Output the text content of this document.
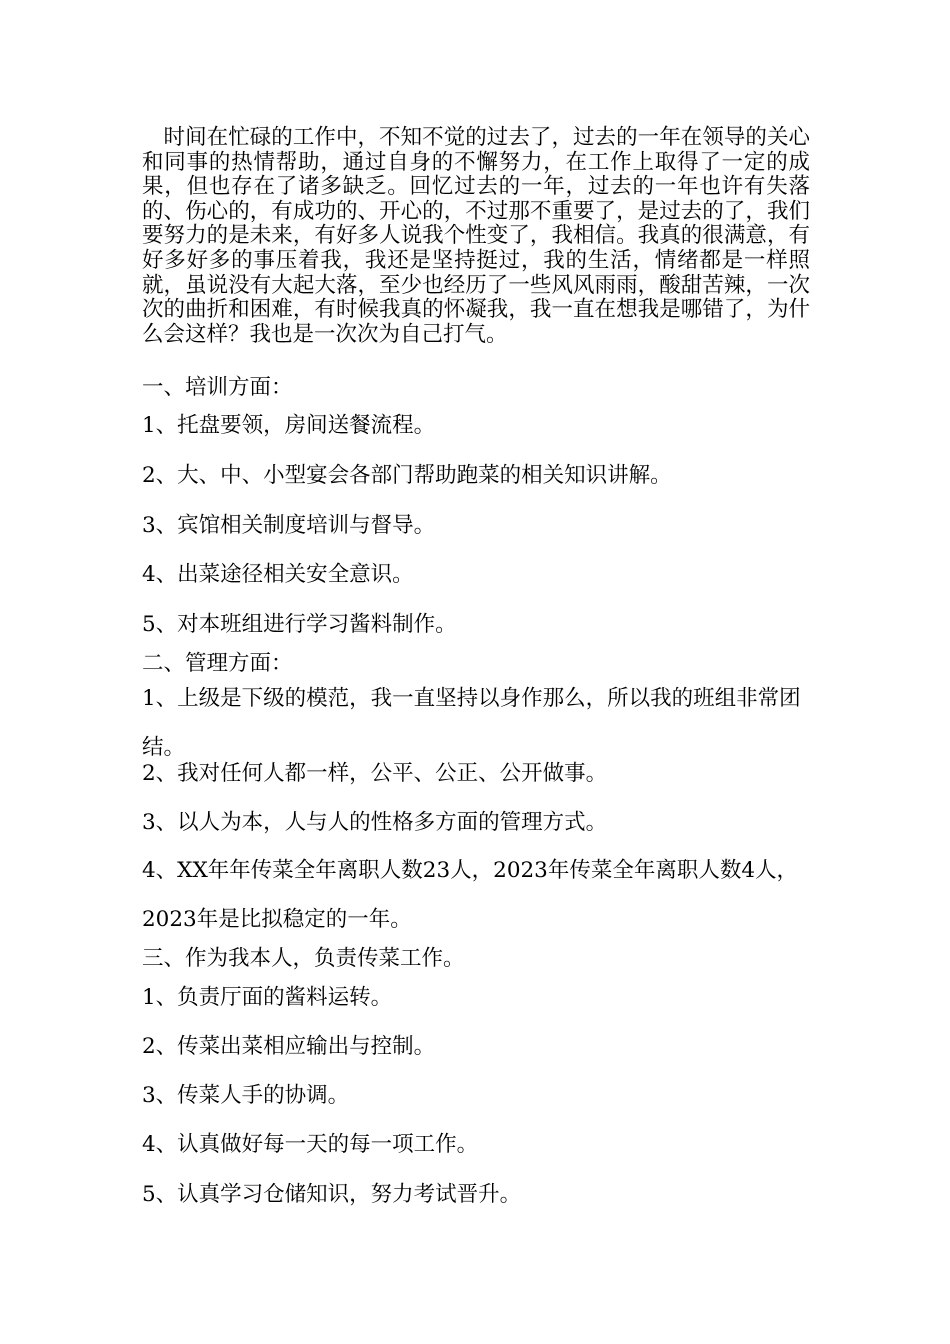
　时间在忙碌的工作中，不知不觉的过去了，过去的一年在领导的关心和同事的热情帮助，通过自身的不懈努力，在工作上取得了一定的成果，但也存在了诸多缺乏。回忆过去的一年，过去的一年也许有失落的、伤心的，有成功的、开心的，不过那不重要了，是过去的了，我们要努力的是未来，有好多人说我个性变了，我相信。我真的很满意，有好多好多的事压着我，我还是坚持挺过，我的生活，情绪都是一样照就，虽说没有大起大落，至少也经历了一些风风雨雨，酸甜苦辣，一次次的曲折和困难，有时候我真的怀凝我，我一直在想我是哪错了，为什么会这样？我也是一次次为自己打气。

一、培训方面：

1、托盘要领，房间送餐流程。

2、大、中、小型宴会各部门帮助跑菜的相关知识讲解。

3、宾馆相关制度培训与督导。

4、出菜途径相关安全意识。

5、对本班组进行学习酱料制作。

二、管理方面：

1、上级是下级的模范，我一直坚持以身作那么，所以我的班组非常团结。

2、我对任何人都一样，公平、公正、公开做事。

3、以人为本，人与人的性格多方面的管理方式。

4、XX年年传菜全年离职人数23人，2023年传菜全年离职人数4人， 2023年是比拟稳定的一年。

三、作为我本人，负责传菜工作。

1、负责厅面的酱料运转。

2、传菜出菜相应输出与控制。

3、传菜人手的协调。

4、认真做好每一天的每一项工作。

5、认真学习仓储知识，努力考试晋升。
